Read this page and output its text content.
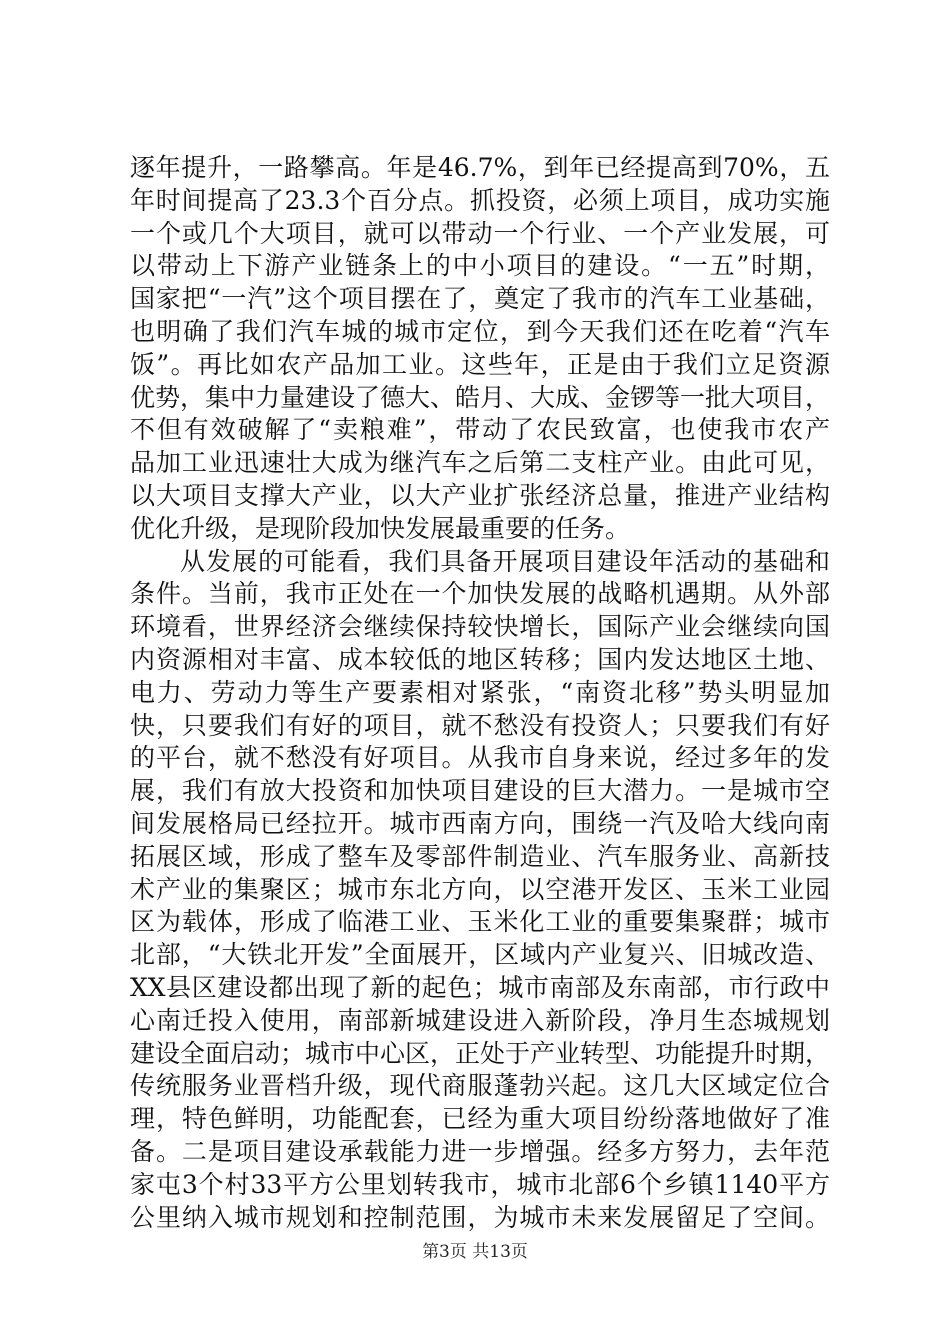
逐年提升，一路攀高。年是46.7%，到年已经提高到70%，五
年时间提高了23.3个百分点。抓投资，必须上项目，成功实施
一个或几个大项目，就可以带动一个行业、一个产业发展，可
以带动上下游产业链条上的中小项目的建设。“一五”时期，
国家把“一汽”这个项目摆在了，奠定了我市的汽车工业基础，
也明确了我们汽车城的城市定位，到今天我们还在吃着“汽车
饭”。再比如农产品加工业。这些年，正是由于我们立足资源
优势，集中力量建设了德大、皓月、大成、金锣等一批大项目，
不但有效破解了“卖粮难”，带动了农民致富，也使我市农产
品加工业迅速壮大成为继汽车之后第二支柱产业。由此可见，
以大项目支撑大产业，以大产业扩张经济总量，推进产业结构
优化升级，是现阶段加快发展最重要的任务。
从发展的可能看，我们具备开展项目建设年活动的基础和
条件。当前，我市正处在一个加快发展的战略机遇期。从外部
环境看，世界经济会继续保持较快增长，国际产业会继续向国
内资源相对丰富、成本较低的地区转移；国内发达地区土地、
电力、劳动力等生产要素相对紧张，“南资北移”势头明显加
快，只要我们有好的项目，就不愁没有投资人；只要我们有好
的平台，就不愁没有好项目。从我市自身来说，经过多年的发
展，我们有放大投资和加快项目建设的巨大潜力。一是城市空
间发展格局已经拉开。城市西南方向，围绕一汽及哈大线向南
拓展区域，形成了整车及零部件制造业、汽车服务业、高新技
术产业的集聚区；城市东北方向，以空港开发区、玉米工业园
区为载体，形成了临港工业、玉米化工业的重要集聚群；城市
北部，“大铁北开发”全面展开，区域内产业复兴、旧城改造、
XX县区建设都出现了新的起色；城市南部及东南部，市行政中
心南迁投入使用，南部新城建设进入新阶段，净月生态城规划
建设全面启动；城市中心区，正处于产业转型、功能提升时期，
传统服务业晋档升级，现代商服蓬勃兴起。这几大区域定位合
理，特色鲜明，功能配套，已经为重大项目纷纷落地做好了准
备。二是项目建设承载能力进一步增强。经多方努力，去年范
家屯3个村33平方公里划转我市，城市北部6个乡镇1140平方
公里纳入城市规划和控制范围，为城市未来发展留足了空间。
第3页 共13页
